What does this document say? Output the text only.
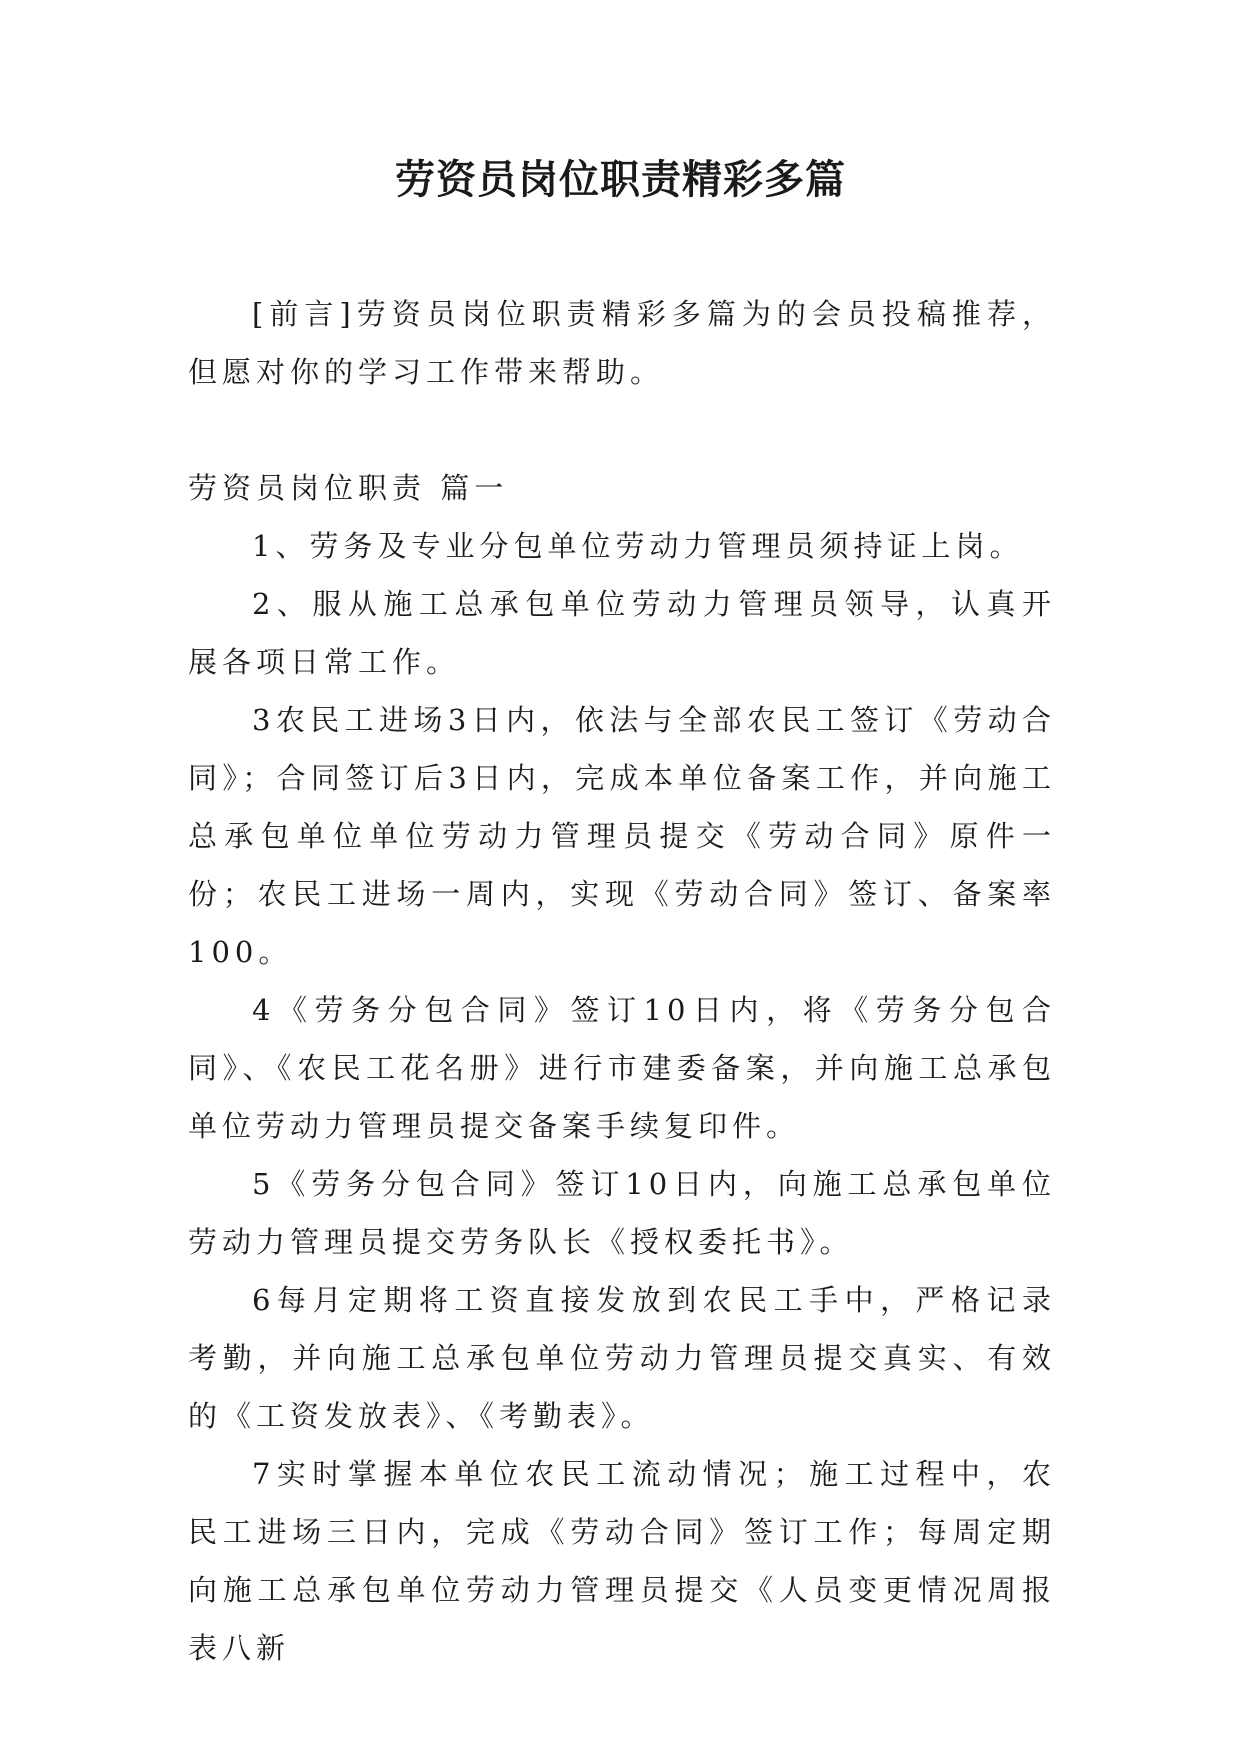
劳资员岗位职责精彩多篇

[前言]劳资员岗位职责精彩多篇为的会员投稿推荐，但愿对你的学习工作带来帮助。

劳资员岗位职责 篇一

1、劳务及专业分包单位劳动力管理员须持证上岗。

2、服从施工总承包单位劳动力管理员领导，认真开展各项日常工作。

3农民工进场3日内，依法与全部农民工签订《劳动合同》；合同签订后3日内，完成本单位备案工作，并向施工总承包单位单位劳动力管理员提交《劳动合同》原件一份；农民工进场一周内，实现《劳动合同》签订、备案率100。

4《劳务分包合同》签订10日内，将《劳务分包合同》、《农民工花名册》进行市建委备案，并向施工总承包单位劳动力管理员提交备案手续复印件。

5《劳务分包合同》签订10日内，向施工总承包单位劳动力管理员提交劳务队长《授权委托书》。

6每月定期将工资直接发放到农民工手中，严格记录考勤，并向施工总承包单位劳动力管理员提交真实、有效的《工资发放表》、《考勤表》。

7实时掌握本单位农民工流动情况；施工过程中，农民工进场三日内，完成《劳动合同》签订工作；每周定期向施工总承包单位劳动力管理员提交《人员变更情况周报表八新
